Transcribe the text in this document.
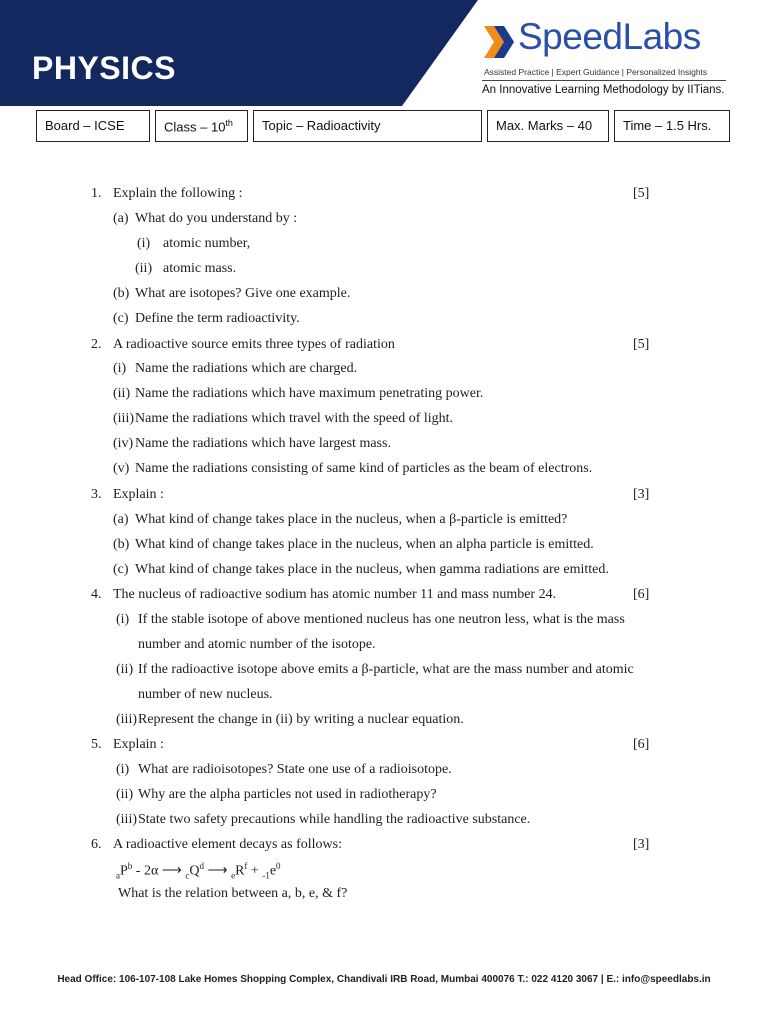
PHYSICS
SpeedLabs
Assisted Practice | Expert Guidance | Personalized Insights
An Innovative Learning Methodology by IITians.
Board – ICSE	Class – 10th	Topic – Radioactivity	Max. Marks – 40	Time – 1.5 Hrs.
1. Explain the following :	[5]
(a) What do you understand by :
(i) atomic number,
(ii) atomic mass.
(b) What are isotopes? Give one example.
(c) Define the term radioactivity.
2. A radioactive source emits three types of radiation	[5]
(i) Name the radiations which are charged.
(ii) Name the radiations which have maximum penetrating power.
(iii) Name the radiations which travel with the speed of light.
(iv) Name the radiations which have largest mass.
(v) Name the radiations consisting of same kind of particles as the beam of electrons.
3. Explain :	[3]
(a) What kind of change takes place in the nucleus, when a β-particle is emitted?
(b) What kind of change takes place in the nucleus, when an alpha particle is emitted.
(c) What kind of change takes place in the nucleus, when gamma radiations are emitted.
4. The nucleus of radioactive sodium has atomic number 11 and mass number 24.	[6]
(i) If the stable isotope of above mentioned nucleus has one neutron less, what is the mass
number and atomic number of the isotope.
(ii) If the radioactive isotope above emits a β-particle, what are the mass number and atomic
number of new nucleus.
(iii) Represent the change in (ii) by writing a nuclear equation.
5. Explain :	[6]
(i) What are radioisotopes? State one use of a radioisotope.
(ii) Why are the alpha particles not used in radiotherapy?
(iii) State two safety precautions while handling the radioactive substance.
6. A radioactive element decays as follows:	[3]
$_aP^b - 2\alpha$ ⟶ $_cQ^d$ ⟶ $_eR^f + _{-1}e^0$
What is the relation between a, b, e, & f?
Head Office: 106-107-108 Lake Homes Shopping Complex, Chandivali IRB Road, Mumbai 400076 T.: 022 4120 3067 | E.: info@speedlabs.in
